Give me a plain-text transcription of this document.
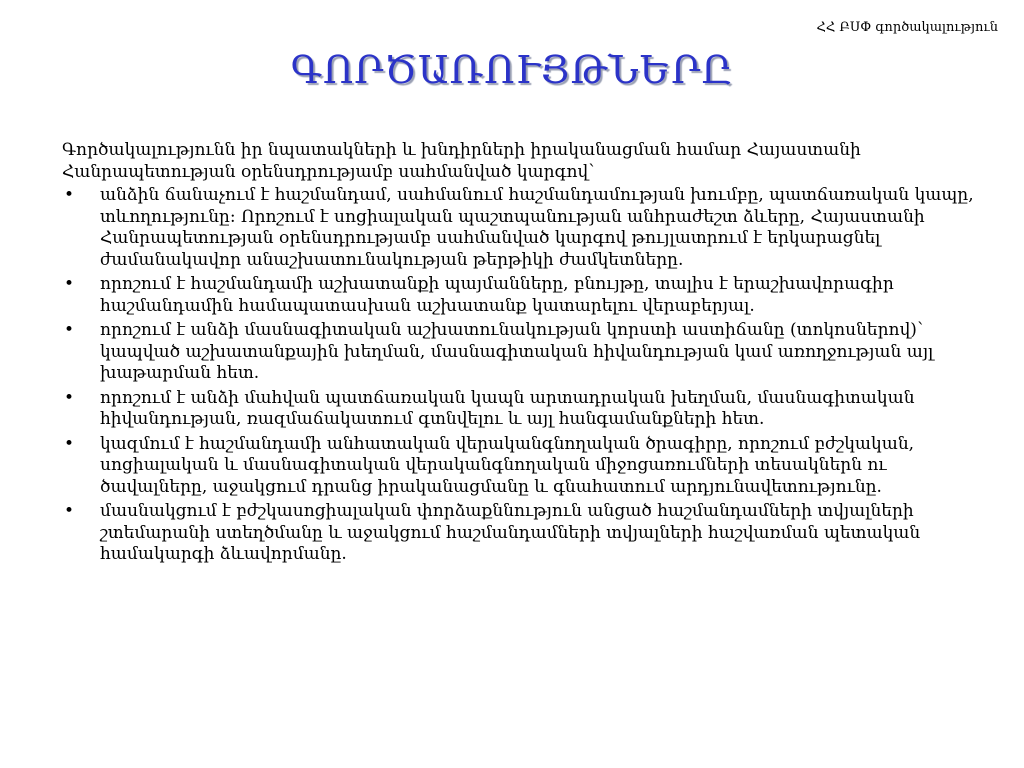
ՀՀ ԲՍՓ գործակալություն
ԳՈՐԾԱՌՈՒՅԹՆԵՐԸ

Գործակալությունն իր նպատակների և խնդիրների իրականացման համար Հայաստանի Հանրապետության օրենսդրությամբ սահմանված կարգով՝

• անձին ճանաչում է հաշմանդամ, սահմանում հաշմանդամության խումբը, պատճառական կապը, տևողությունը: Որոշում է սոցիալական պաշտպանության անհրաժեշտ ձևերը, Հայաստանի Հանրապետության օրենսդրությամբ սահմանված կարգով թույլատրում է երկարացնել ժամանակավոր անաշխատունակության թերթիկի ժամկետները.
• որոշում է հաշմանդամի աշխատանքի պայմանները, բնույթը, տալիս է երաշխավորագիր հաշմանդամին համապատասխան աշխատանք կատարելու վերաբերյալ.
• որոշում է անձի մասնագիտական աշխատունակության կորստի աստիճանը (տոկոսներով)՝ կապված աշխատանքային խեղման, մասնագիտական հիվանդության կամ առողջության այլ խաթարման հետ.
• որոշում է անձի մահվան պատճառական կապն արտադրական խեղման, մասնագիտական հիվանդության, ռազմաճակատում գտնվելու և այլ հանգամանքների հետ.
• կազմում է հաշմանդամի անհատական վերականգնողական ծրագիրը, որոշում բժշկական, սոցիալական և մասնագիտական վերականգնողական միջոցառումների տեսակներն ու ծավալները, աջակցում դրանց իրականացմանը և գնահատում արդյունավետությունը.
• մասնակցում է բժշկասոցիալական փորձաքննություն անցած հաշմանդամների տվյալների շտեմարանի ստեղծմանը և աջակցում հաշմանդամների տվյալների հաշվառման պետական համակարգի ձևավորմանը.
